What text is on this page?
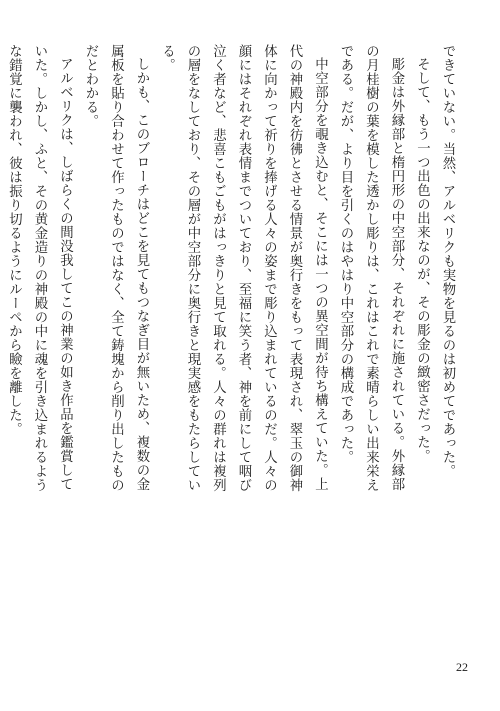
できていない。当然、アルベリクも実物を見るのは初めてであった。

そして、もう一つ出色の出来なのが、その彫金の緻密さだった。

彫金は外縁部と楕円形の中空部分、それぞれに施されている。外縁部の月桂樹の葉を模した透かし彫りは、これはこれで素晴らしい出来栄えである。だが、より目を引くのはやはり中空部分の構成であった。

中空部分を覗き込むと、そこには一つの異空間が待ち構えていた。上代の神殿内を彷彿とさせる情景が奥行きをもって表現され、翠玉の御神体に向かって祈りを捧げる人々の姿まで彫り込まれているのだ。人々の顔にはそれぞれ表情までついており、至福に笑う者、神を前にして咽び泣く者など、悲喜こもごもがはっきりと見て取れる。人々の群れは複列の層をなしており、その層が中空部分に奥行きと現実感をもたらしている。

しかも、このブローチはどこを見てもつなぎ目が無いため、複数の金属板を貼り合わせて作ったものではなく、全て鋳塊から削り出したものだとわかる。

アルベリクは、しばらくの間没我してこの神業の如き作品を鑑賞していた。しかし、ふと、その黄金造りの神殿の中に魂を引き込まれるような錯覚に襲われ、彼は振り切るようにルーペから瞼を離した。

22
